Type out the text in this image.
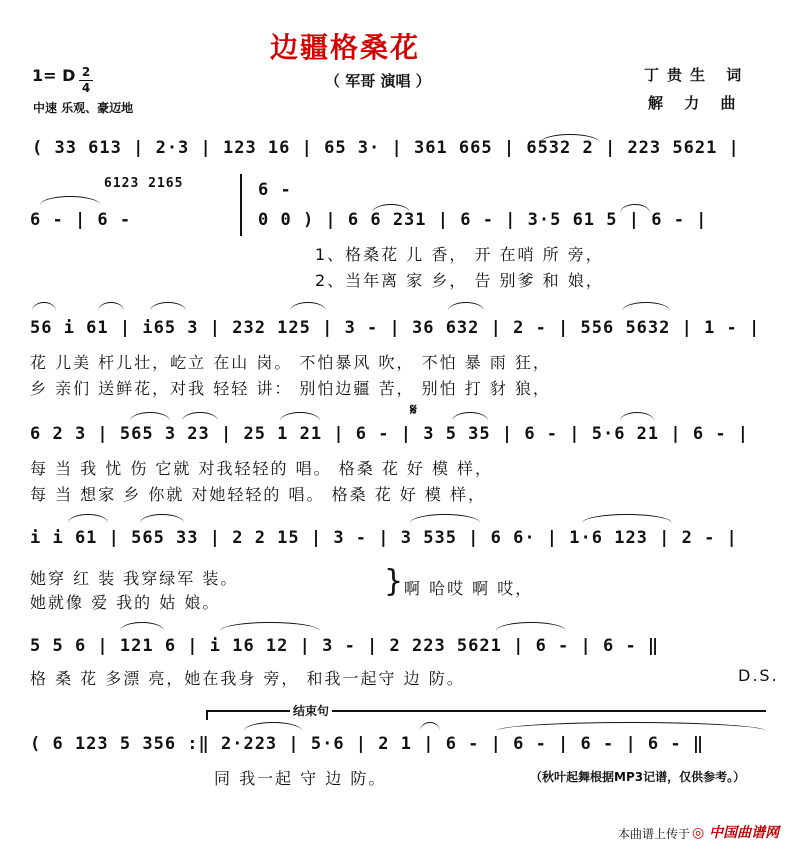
边疆格桑花
（ 军哥 演唱 ）
1= D 2
4
中速 乐观、豪迈地
丁贵生 词
解 力 曲
( 33 613 | 2·3 | 123 16 | 65 3· | 361 665 | 6532 2 | 223 5621 |
6123 2165
6 - | 6 -
6 -
0 0 ) | 6 6 231 | 6 - | 3·5 61 5 | 6 - |
1、格桑花 儿 香， 开 在哨 所 旁，
2、当年离 家 乡， 告 别爹 和 娘，
56 i 61 | i65 3 | 232 125 | 3 - | 36 632 | 2 - | 556 5632 | 1 - |
花 儿美 杆儿壮，屹立 在山 岗。 不怕暴风 吹， 不怕 暴 雨 狂，
乡 亲们 送鲜花，对我 轻轻 讲： 别怕边疆 苦， 别怕 打 豺 狼，
𝄋
6 2 3 | 565 3 23 | 25 1 21 | 6 - | 3 5 35 | 6 - | 5·6 21 | 6 - |
每 当 我 忧 伤 它就 对我轻轻的 唱。 格桑 花 好 模 样，
每 当 想家 乡 你就 对她轻轻的 唱。 格桑 花 好 模 样，
i i 61 | 565 33 | 2 2 15 | 3 - | 3 535 | 6 6· | 1·6 123 | 2 - |
她穿 红 装 我穿绿军 装。
她就像 爱 我的 姑 娘。
} 啊 哈哎 啊 哎，
5 5 6 | 121 6 | i 16 12 | 3 - | 2 223 5621 | 6 - | 6 - ‖
格 桑 花 多漂 亮，她在我身 旁， 和我一起守 边 防。	D.S.
结束句
( 6 123 5 356 :‖ 2·223 | 5·6 | 2 1 | 6 - | 6 - | 6 - | 6 - ‖
同 我一起 守 边 防。	（秋叶起舞根据MP3记谱，仅供参考。）
本曲谱上传于 ◎ 中国曲谱网
